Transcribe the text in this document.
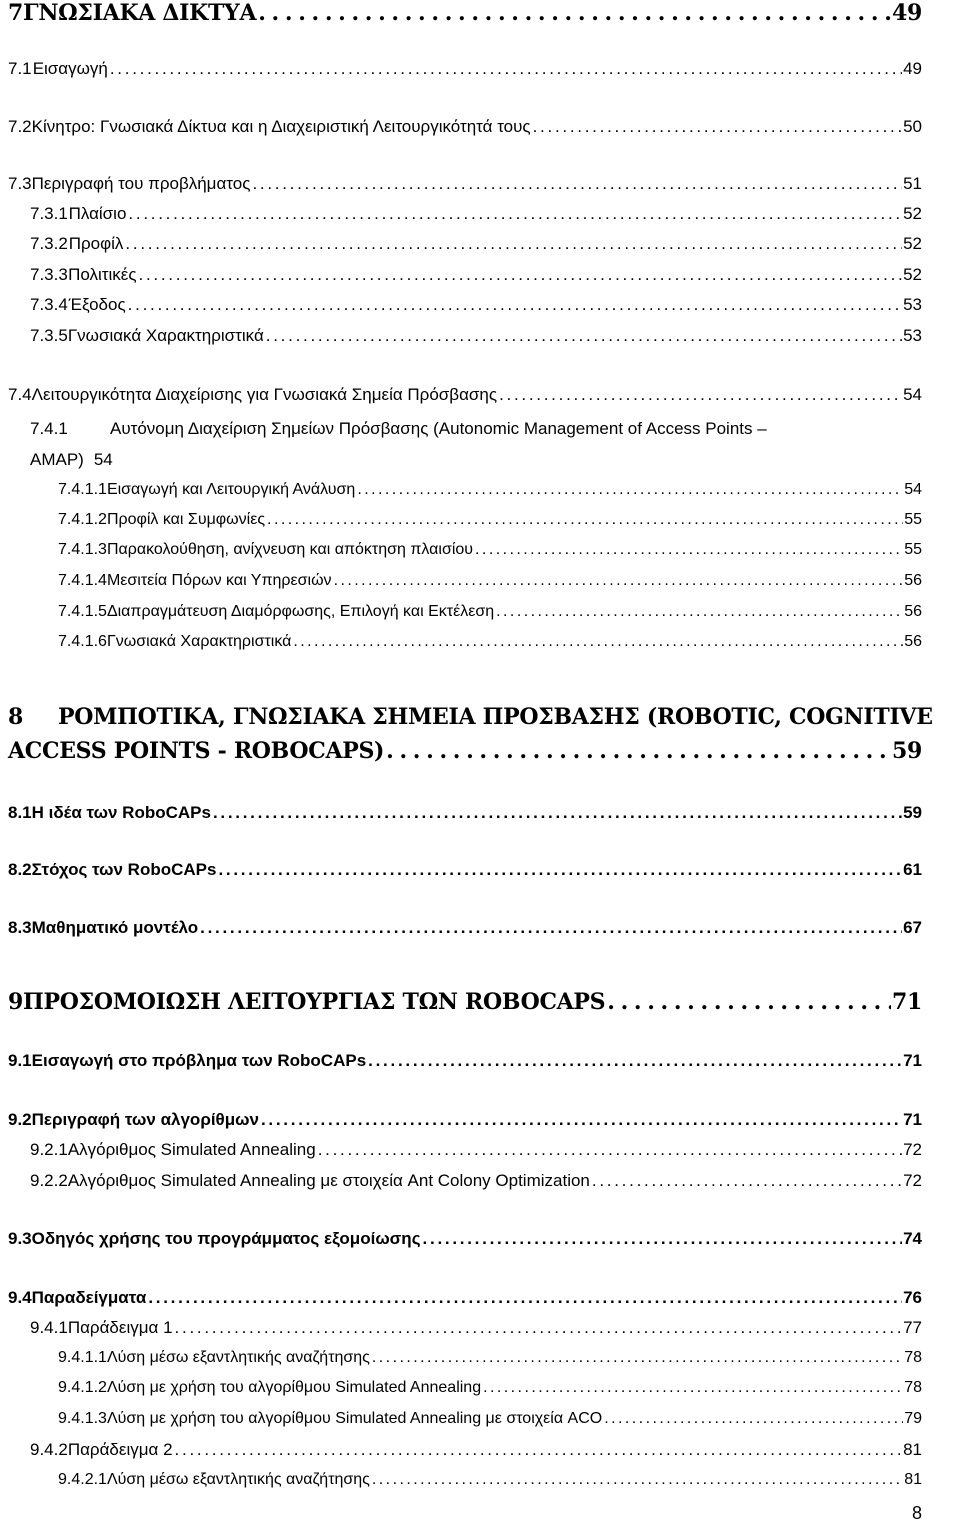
7 ΓΝΩΣΙΑΚΑ ΔΙΚΤΥΑ . . .	49
7.1 Εισαγωγή . . .	49
7.2 Κίνητρο: Γνωσιακά Δίκτυα και η Διαχειριστική Λειτουργικότητά τους . . .	50
7.3 Περιγραφή του προβλήματος . . .	51
7.3.1 Πλαίσιο . . .	52
7.3.2 Προφίλ . . .	52
7.3.3 Πολιτικές . . .	52
7.3.4 Έξοδος . . .	53
7.3.5 Γνωσιακά Χαρακτηριστικά . . .	53
7.4 Λειτουργικότητα Διαχείρισης για Γνωσιακά Σημεία Πρόσβασης . . .	54
7.4.1.1 Εισαγωγή και Λειτουργική Ανάλυση . . .	54
7.4.1.2 Προφίλ και Συμφωνίες . . .	55
7.4.1.3 Παρακολούθηση, ανίχνευση και απόκτηση πλαισίου . . .	55
7.4.1.4 Μεσιτεία Πόρων και Υπηρεσιών . . .	56
7.4.1.5 Διαπραγμάτευση Διαμόρφωσης, Επιλογή και Εκτέλεση . . .	56
7.4.1.6 Γνωσιακά Χαρακτηριστικά . . .	56
8.1 Η ιδέα των RoboCAPs . . .	59
8.2 Στόχος των RoboCAPs . . .	61
8.3 Μαθηματικό μοντέλο . . .	67
9 ΠΡΟΣΟΜΟΙΩΣΗ ΛΕΙΤΟΥΡΓΙΑΣ ΤΩΝ ROBOCAPS . . .	71
9.1 Εισαγωγή στο πρόβλημα των RoboCAPs . . .	71
9.2 Περιγραφή των αλγορίθμων . . .	71
9.2.1 Αλγόριθμος Simulated Annealing . . .	72
9.2.2 Αλγόριθμος Simulated Annealing με στοιχεία Ant Colony Optimization . . .	72
9.3 Οδηγός χρήσης του προγράμματος εξομοίωσης . . .	74
9.4 Παραδείγματα . . .	76
9.4.1 Παράδειγμα 1 . . .	77
9.4.1.1 Λύση μέσω εξαντλητικής αναζήτησης . . .	78
9.4.1.2 Λύση με χρήση του αλγορίθμου Simulated Annealing . . .	78
9.4.1.3 Λύση με χρήση του αλγορίθμου Simulated Annealing με στοιχεία ACO . . .	79
9.4.2 Παράδειγμα 2 . . .	81
9.4.2.1 Λύση μέσω εξαντλητικής αναζήτησης . . .	81
7.4.1 Αυτόνομη Διαχείριση Σημείων Πρόσβασης (Autonomic Management of Access Points –
AMAP) 54
8 ΡΟΜΠΟΤΙΚΑ, ΓΝΩΣΙΑΚΑ ΣΗΜΕΙΑ ΠΡΟΣΒΑΣΗΣ (ROBOTIC, COGNITIVE
ACCESS POINTS - ROBOCAPS) . . .	59
8
